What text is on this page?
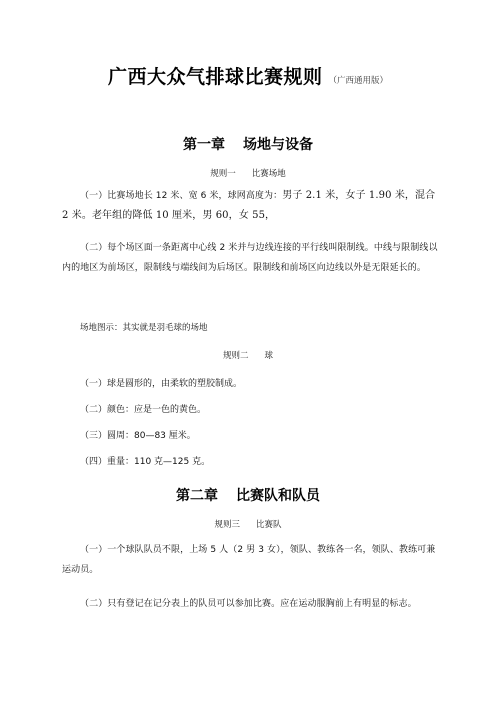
广西大众气排球比赛规则 （广西通用版）
第一章 场地与设备
规则一 比赛场地
（一）比赛场地长 12 米、宽 6 米，球网高度为：男子 2.1 米，女子 1.90 米，混合 2 米。老年组的降低 10 厘米，男 60，女 55，
（二）每个场区面一条距离中心线 2 米并与边线连接的平行线叫限制线。中线与限制线以内的地区为前场区，限制线与端线间为后场区。限制线和前场区向边线以外是无限延长的。
场地图示：其实就是羽毛球的场地
规则二 球
（一）球是圆形的，由柔软的塑胶制成。
（二）颜色：应是一色的黄色。
（三）圆周：80—83 厘米。
（四）重量：110 克—125 克。
第二章 比赛队和队员
规则三 比赛队
（一）一个球队队员不限，上场 5 人（2 男 3 女），领队、教练各一名，领队、教练可兼运动员。
（二）只有登记在记分表上的队员可以参加比赛。应在运动服胸前上有明显的标志。
